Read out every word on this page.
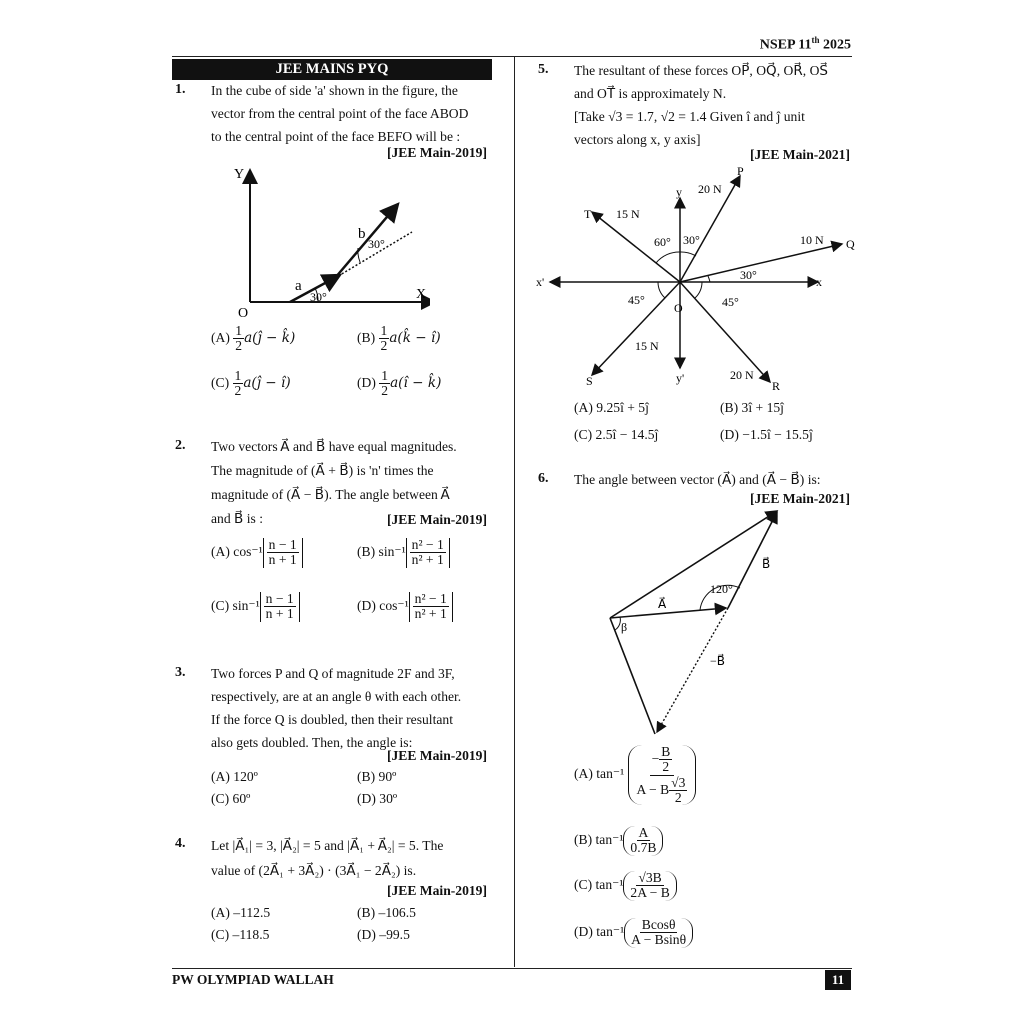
NSEP 11th 2025
PW OLYMPIAD WALLAH	11
JEE MAINS PYQ
1. In the cube of side 'a' shown in the figure, the
vector from the central point of the face ABOD
to the central point of the face BEFO will be :
[JEE Main-2019]
Y
X
O
a
b
30°
30°
$(A) \frac{1}{2}$ a(ĵ − k̂)	$(B) \frac{1}{2}$ a(k̂ − î)
$(C) \frac{1}{2}$ a(ĵ − î)	$(D) \frac{1}{2}$ a(î − k̂)
2. Two vectors A⃗ and B⃗ have equal magnitudes.
The magnitude of (A⃗ + B⃗) is 'n' times the
magnitude of (A⃗ − B⃗). The angle between A⃗
and B⃗ is :	[JEE Main-2019]
(A) $\cos^{-1} \frac{n - 1}{n + 1}$	(B) $\sin^{-1} \frac{\text{n² − 1}}{\text{n² + 1}}$
(C) $\sin^{-1} \frac{n - 1}{n + 1}$	(D) $\cos^{-1} \frac{\text{n² − 1}}{\text{n² + 1}}$
3. Two forces P and Q of magnitude 2F and 3F,
respectively, are at an angle θ with each other.
If the force Q is doubled, then their resultant
also gets doubled. Then, the angle is:
[JEE Main-2019]
(A) 120º	(B) 90º
(C) 60º	(D) 30º
4. Let |A⃗₁| = 3, |A⃗₂| = 5 and |A⃗₁ + A⃗₂| = 5. The
value of (2A⃗₁ + 3A⃗₂) · (3A⃗₁ − 2A⃗₂) is.
[JEE Main-2019]
(A) –112.5	(B) –106.5
(C) –118.5	(D) –99.5
5. The resultant of these forces OP⃗, OQ⃗, OR⃗, OS⃗
and OT⃗ is approximately N.
[Take √3 = 1.7, √2 = 1.4 Given î and ĵ unit
vectors along x, y axis]
[JEE Main-2021]
y
y'
x
x'
O
P
Q
R
S
T
20 N
10 N
20 N
15 N
15 N
60° 30°
30°
45°	45°
(A) 9.25î + 5ĵ	(B) 3î + 15ĵ
(C) 2.5î − 14.5ĵ	(D) −1.5î − 15.5ĵ
6. The angle between vector (A⃗) and (A⃗ − B⃗) is:
[JEE Main-2021]
A⃗
B⃗
−B⃗
120°
β
(A) $\tan^{-1} \frac{- \frac{B}{2}}{A - B \frac{√3}{2}}$
(B) $\tan^{-1} \frac{A}{0.7B}$
(C) $\tan^{-1} \frac{√3B}{2A - B}$
(D) $\tan^{-1} \frac{Bcos\theta}{A - Bsin\theta}$
